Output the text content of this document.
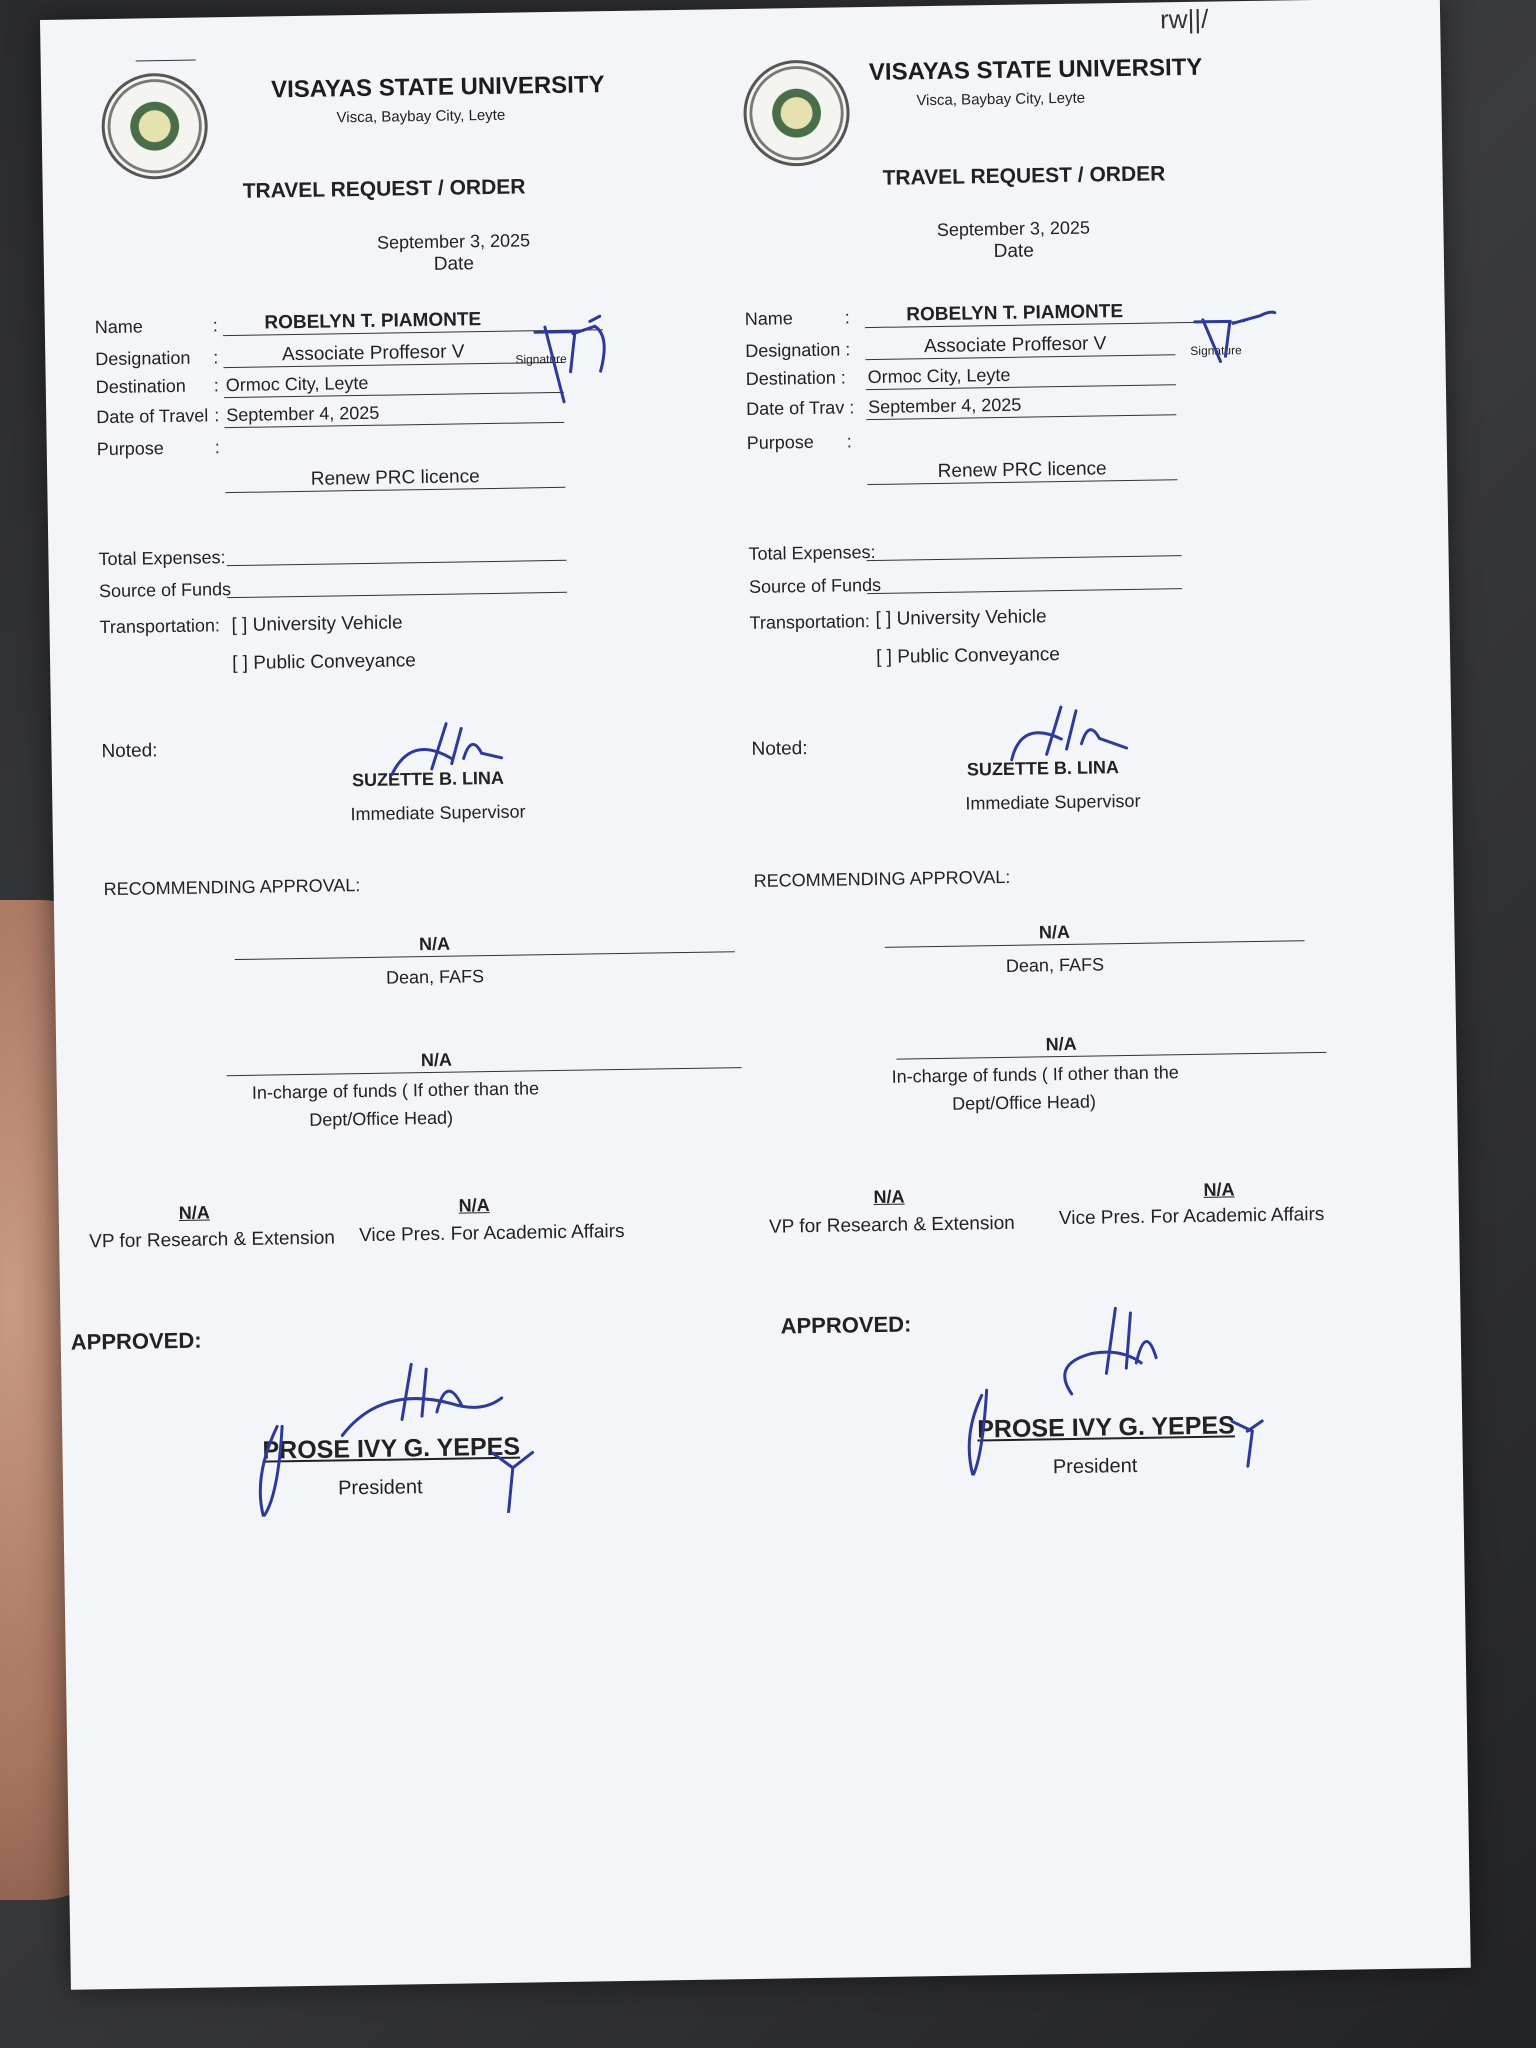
VISAYAS STATE UNIVERSITY
Visca, Baybay City, Leyte
TRAVEL REQUEST / ORDER
September 3, 2025
Date
Name	:	ROBELYN T. PIAMONTE
Designation :	Associate Proffesor V	Signature
Destination : Ormoc City, Leyte
Date of Travel : September 4, 2025
Purpose	:
Renew PRC licence
Total Expenses:
Source of Funds
Transportation: [ ] University Vehicle
[ ] Public Conveyance
Noted:
SUZETTE B. LINA
Immediate Supervisor
RECOMMENDING APPROVAL:
N/A
Dean, FAFS
N/A
In-charge of funds ( If other than the
Dept/Office Head)
N/A
VP for Research & Extension
N/A
Vice Pres. For Academic Affairs
APPROVED:
PROSE IVY G. YEPES
President
rw||/
VISAYAS STATE UNIVERSITY
Visca, Baybay City, Leyte
TRAVEL REQUEST / ORDER
September 3, 2025
Date
Name	:	ROBELYN T. PIAMONTE
Designation :	Associate Proffesor V	Signature
Destination : Ormoc City, Leyte
Date of Trav : September 4, 2025
Purpose :
Renew PRC licence
Total Expenses:
Source of Funds
Transportation: [ ] University Vehicle
[ ] Public Conveyance
Noted:
SUZETTE B. LINA
Immediate Supervisor
RECOMMENDING APPROVAL:
N/A
Dean, FAFS
N/A
In-charge of funds ( If other than the
Dept/Office Head)
N/A
VP for Research & Extension
N/A
Vice Pres. For Academic Affairs
APPROVED:
PROSE IVY G. YEPES
President
